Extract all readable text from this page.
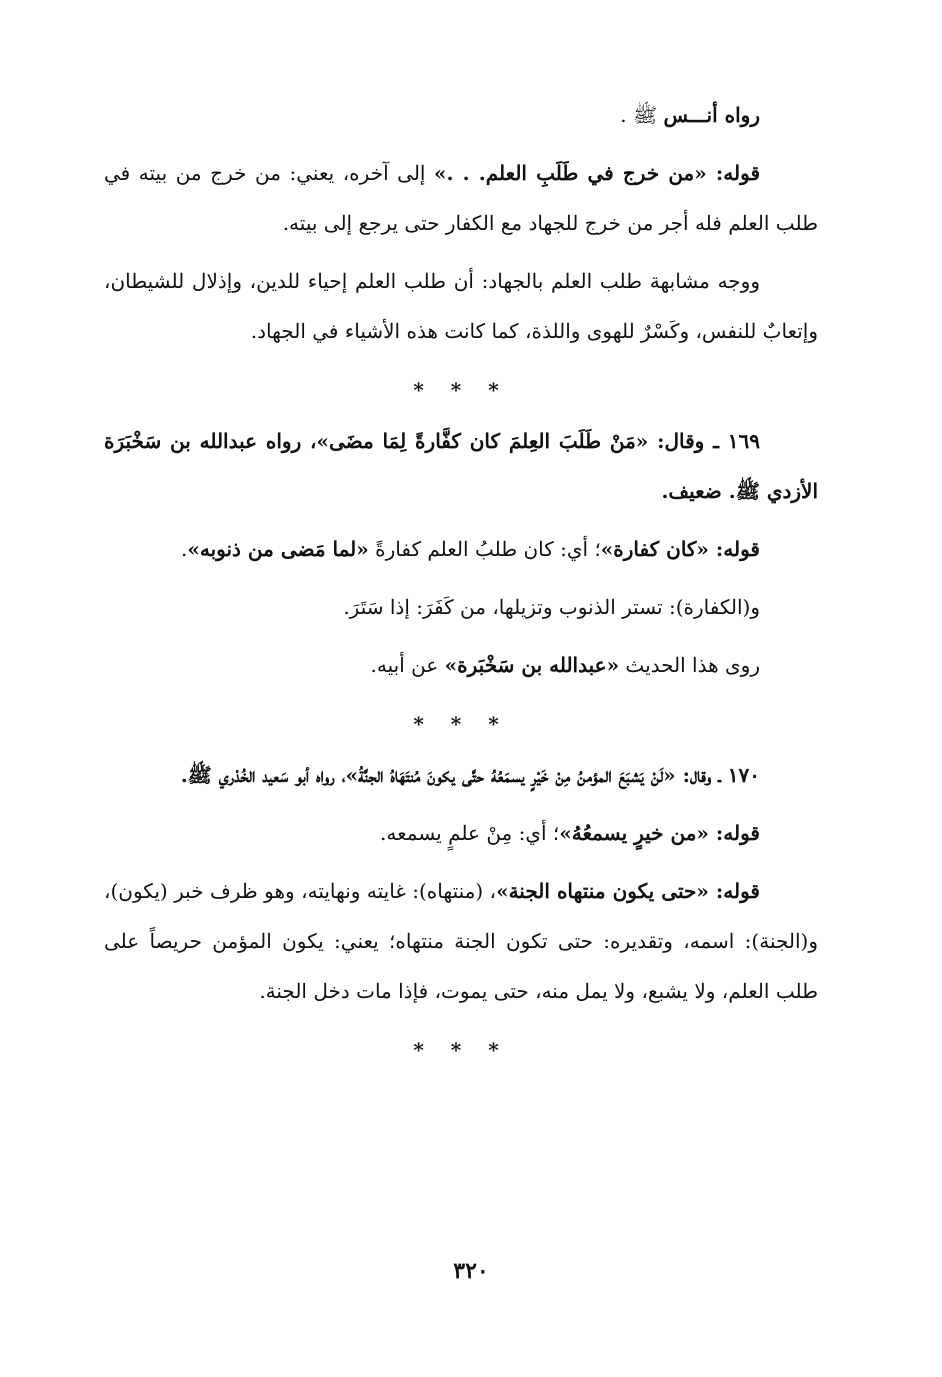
رواه أنـــس ﷺ .

قوله: «من خرج في طَلَبِ العلم. . .» إلى آخره، يعني: من خرج من بيته في طلب العلم فله أجر من خرج للجهاد مع الكفار حتى يرجع إلى بيته.

ووجه مشابهة طلب العلم بالجهاد: أن طلب العلم إحياء للدين، وإذلال للشيطان، وإتعابٌ للنفس، وكَسْرٌ للهوى واللذة، كما كانت هذه الأشياء في الجهاد.

* * *

١٦٩ ـ وقال: «مَنْ طَلَبَ العِلمَ كان كفَّارةً لِمَا مضَى»، رواه عبدالله بن سَخْبَرَة الأزدي ﷺ. ضعيف.

قوله: «كان كفارة»؛ أي: كان طلبُ العلم كفارةً «لما مَضى من ذنوبه».

و(الكفارة): تستر الذنوب وتزيلها، من كَفَرَ: إذا سَتَرَ.

روى هذا الحديث «عبدالله بن سَخْبَرة» عن أبيه.

* * *

١٧٠ ـ وقال: «لَنْ يَشبَعَ المؤمنُ مِنْ خَيْرٍ يسمَعُهُ حتَّى يكونَ مُنتَهَاهُ الجنَّةُ»، رواه أبو سَعيد الخُدْري ﷺ.

قوله: «من خيرٍ يسمعُهُ»؛ أي: مِنْ علمٍ يسمعه.

قوله: «حتى يكون منتهاه الجنة»، (منتهاه): غايته ونهايته، وهو ظرف خبر (يكون)، و(الجنة): اسمه، وتقديره: حتى تكون الجنة منتهاه؛ يعني: يكون المؤمن حريصاً على طلب العلم، ولا يشبع، ولا يمل منه، حتى يموت، فإذا مات دخل الجنة.

* * *
٣٢٠
